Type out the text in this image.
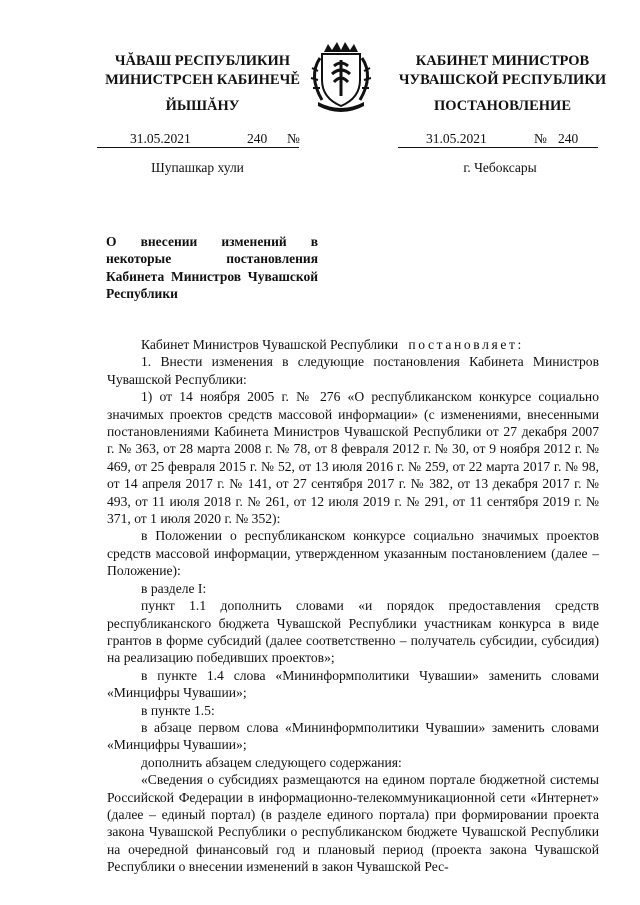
ЧĂВАШ РЕСПУБЛИКИН
МИНИСТРСЕН КАБИНЕЧĚ
ЙЫШĂНУ
КАБИНЕТ МИНИСТРОВ
ЧУВАШСКОЙ РЕСПУБЛИКИ
ПОСТАНОВЛЕНИЕ
31.05.2021	240 №	31.05.2021	№ 240
Шупашкар хули	г. Чебоксары
О внесении изменений в некоторые постановления Кабинета Министров Чувашской Республики

Кабинет Министров Чувашской Республики постановляет:

1. Внести изменения в следующие постановления Кабинета Министров Чувашской Республики:

1) от 14 ноября 2005 г. № 276 «О республиканском конкурсе социально значимых проектов средств массовой информации» (с изменениями, внесенными постановлениями Кабинета Министров Чувашской Республики от 27 декабря 2007 г. № 363, от 28 марта 2008 г. № 78, от 8 февраля 2012 г. № 30, от 9 ноября 2012 г. № 469, от 25 февраля 2015 г. № 52, от 13 июля 2016 г. № 259, от 22 марта 2017 г. № 98, от 14 апреля 2017 г. № 141, от 27 сентября 2017 г. № 382, от 13 декабря 2017 г. № 493, от 11 июля 2018 г. № 261, от 12 июля 2019 г. № 291, от 11 сентября 2019 г. № 371, от 1 июля 2020 г. № 352):

в Положении о республиканском конкурсе социально значимых проектов средств массовой информации, утвержденном указанным постановлением (далее – Положение):

в разделе I:

пункт 1.1 дополнить словами «и порядок предоставления средств республиканского бюджета Чувашской Республики участникам конкурса в виде грантов в форме субсидий (далее соответственно – получатель субсидии, субсидия) на реализацию победивших проектов»;

в пункте 1.4 слова «Мининформполитики Чувашии» заменить словами «Минцифры Чувашии»;

в пункте 1.5:

в абзаце первом слова «Мининформполитики Чувашии» заменить словами «Минцифры Чувашии»;

дополнить абзацем следующего содержания:

«Сведения о субсидиях размещаются на едином портале бюджетной системы Российской Федерации в информационно-телекоммуникационной сети «Интернет» (далее – единый портал) (в разделе единого портала) при формировании проекта закона Чувашской Республики о республиканском бюджете Чувашской Республики на очередной финансовый год и плановый период (проекта закона Чувашской Республики о внесении изменений в закон Чувашской Рес-
